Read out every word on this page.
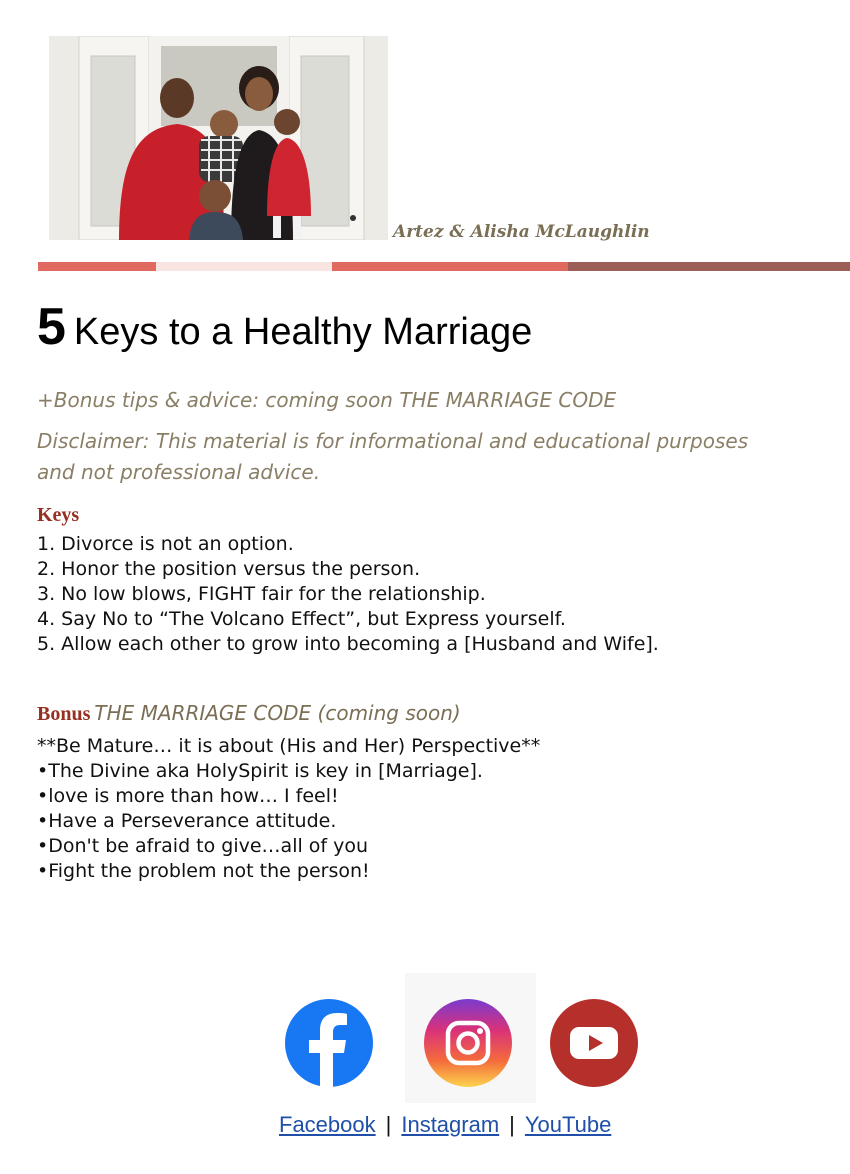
Artez & Alisha McLaughlin
5 Keys to a Healthy Marriage
+Bonus tips & advice: coming soon THE MARRIAGE CODE
Disclaimer: This material is for informational and educational purposes
and not professional advice.
Keys
1. Divorce is not an option.
2. Honor the position versus the person.
3. No low blows, FIGHT fair for the relationship.
4. Say No to “The Volcano Effect”, but Express yourself.
5. Allow each other to grow into becoming a [Husband and Wife].
Bonus THE MARRIAGE CODE (coming soon)
**Be Mature… it is about (His and Her) Perspective**
•The Divine aka HolySpirit is key in [Marriage].
•love is more than how… I feel!
•Have a Perseverance attitude.
•Don't be afraid to give…all of you
•Fight the problem not the person!
Facebook | Instagram | YouTube
